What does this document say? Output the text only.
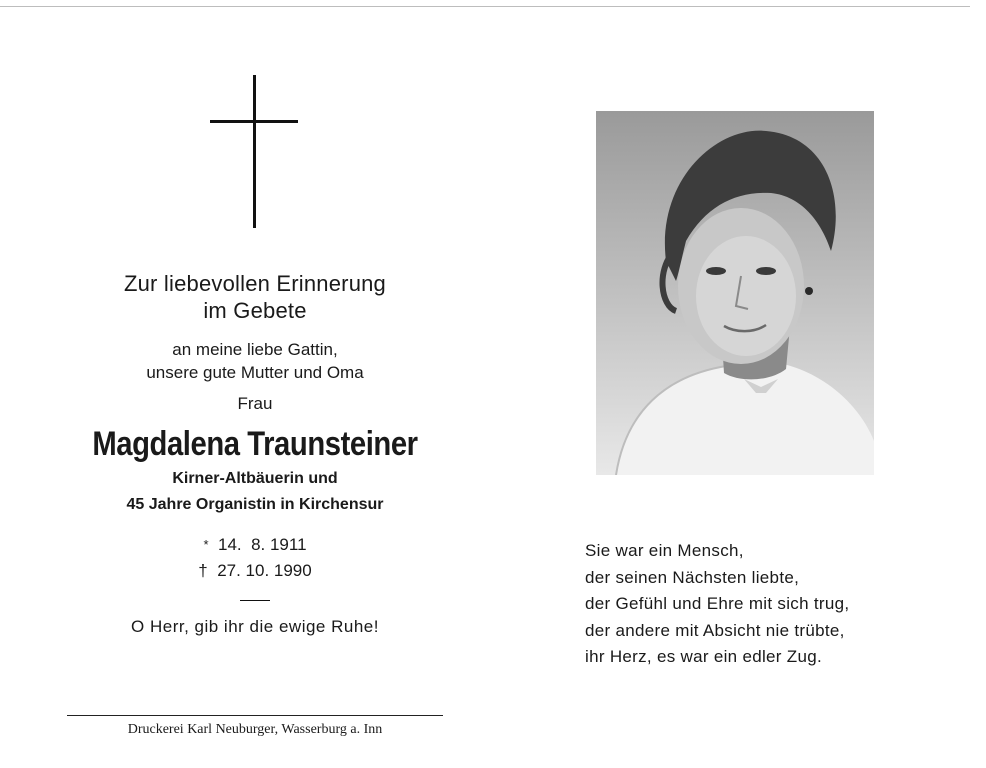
Zur liebevollen Erinnerung
im Gebete
an meine liebe Gattin,
unsere gute Mutter und Oma
Frau
Magdalena Traunsteiner
Kirner-Altbäuerin und
45 Jahre Organistin in Kirchensur
* 14.  8. 1911
† 27. 10. 1990
O Herr, gib ihr die ewige Ruhe!
Druckerei Karl Neuburger, Wasserburg a. Inn
Sie war ein Mensch,
der seinen Nächsten liebte,
der Gefühl und Ehre mit sich trug,
der andere mit Absicht nie trübte,
ihr Herz, es war ein edler Zug.
